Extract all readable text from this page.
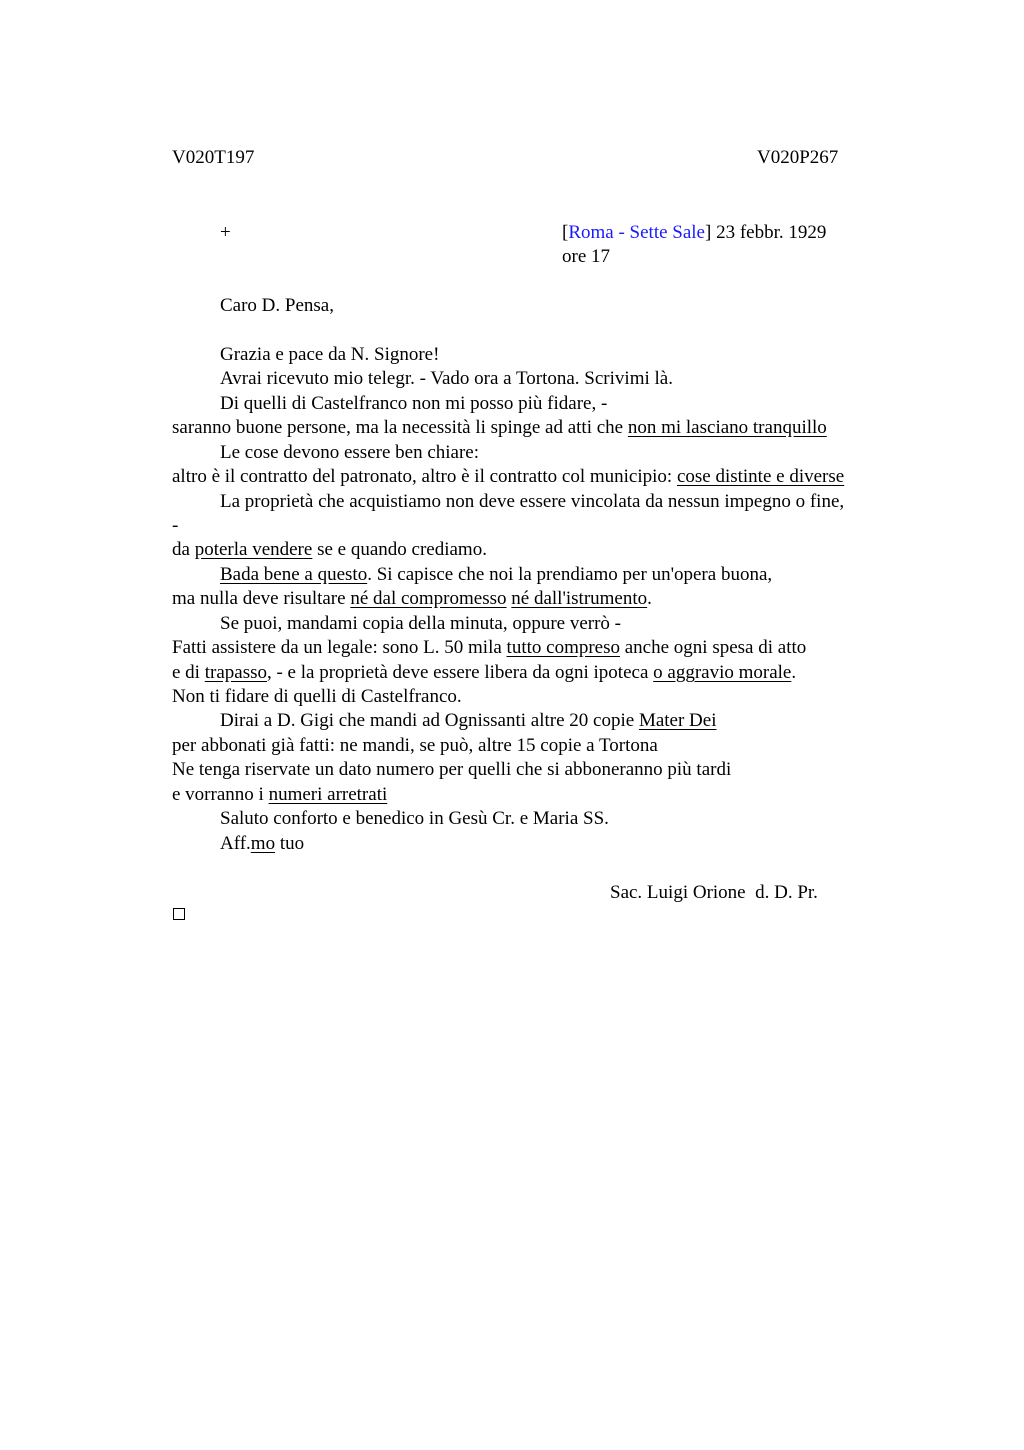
V020T197	V020P267
+	[Roma - Sette Sale] 23 febbr. 1929
ore 17
Caro D. Pensa,
Grazia e pace da N. Signore!
Avrai ricevuto mio telegr. - Vado ora a Tortona. Scrivimi là.
Di quelli di Castelfranco non mi posso più fidare, -
saranno buone persone, ma la necessità li spinge ad atti che non mi lasciano tranquillo
Le cose devono essere ben chiare:
altro è il contratto del patronato, altro è il contratto col municipio: cose distinte e diverse
La proprietà che acquistiamo non deve essere vincolata da nessun impegno o fine,
-
da poterla vendere se e quando crediamo.
Bada bene a questo. Si capisce che noi la prendiamo per un'opera buona,
ma nulla deve risultare né dal compromesso né dall'istrumento.
Se puoi, mandami copia della minuta, oppure verrò -
Fatti assistere da un legale: sono L. 50 mila tutto compreso anche ogni spesa di atto
e di trapasso, - e la proprietà deve essere libera da ogni ipoteca o aggravio morale.
Non ti fidare di quelli di Castelfranco.
Dirai a D. Gigi che mandi ad Ognissanti altre 20 copie Mater Dei
per abbonati già fatti: ne mandi, se può, altre 15 copie a Tortona
Ne tenga riservate un dato numero per quelli che si abboneranno più tardi
e vorranno i numeri arretrati
Saluto conforto e benedico in Gesù Cr. e Maria SS.
Aff.mo tuo
Sac. Luigi Orione  d. D. Pr.
